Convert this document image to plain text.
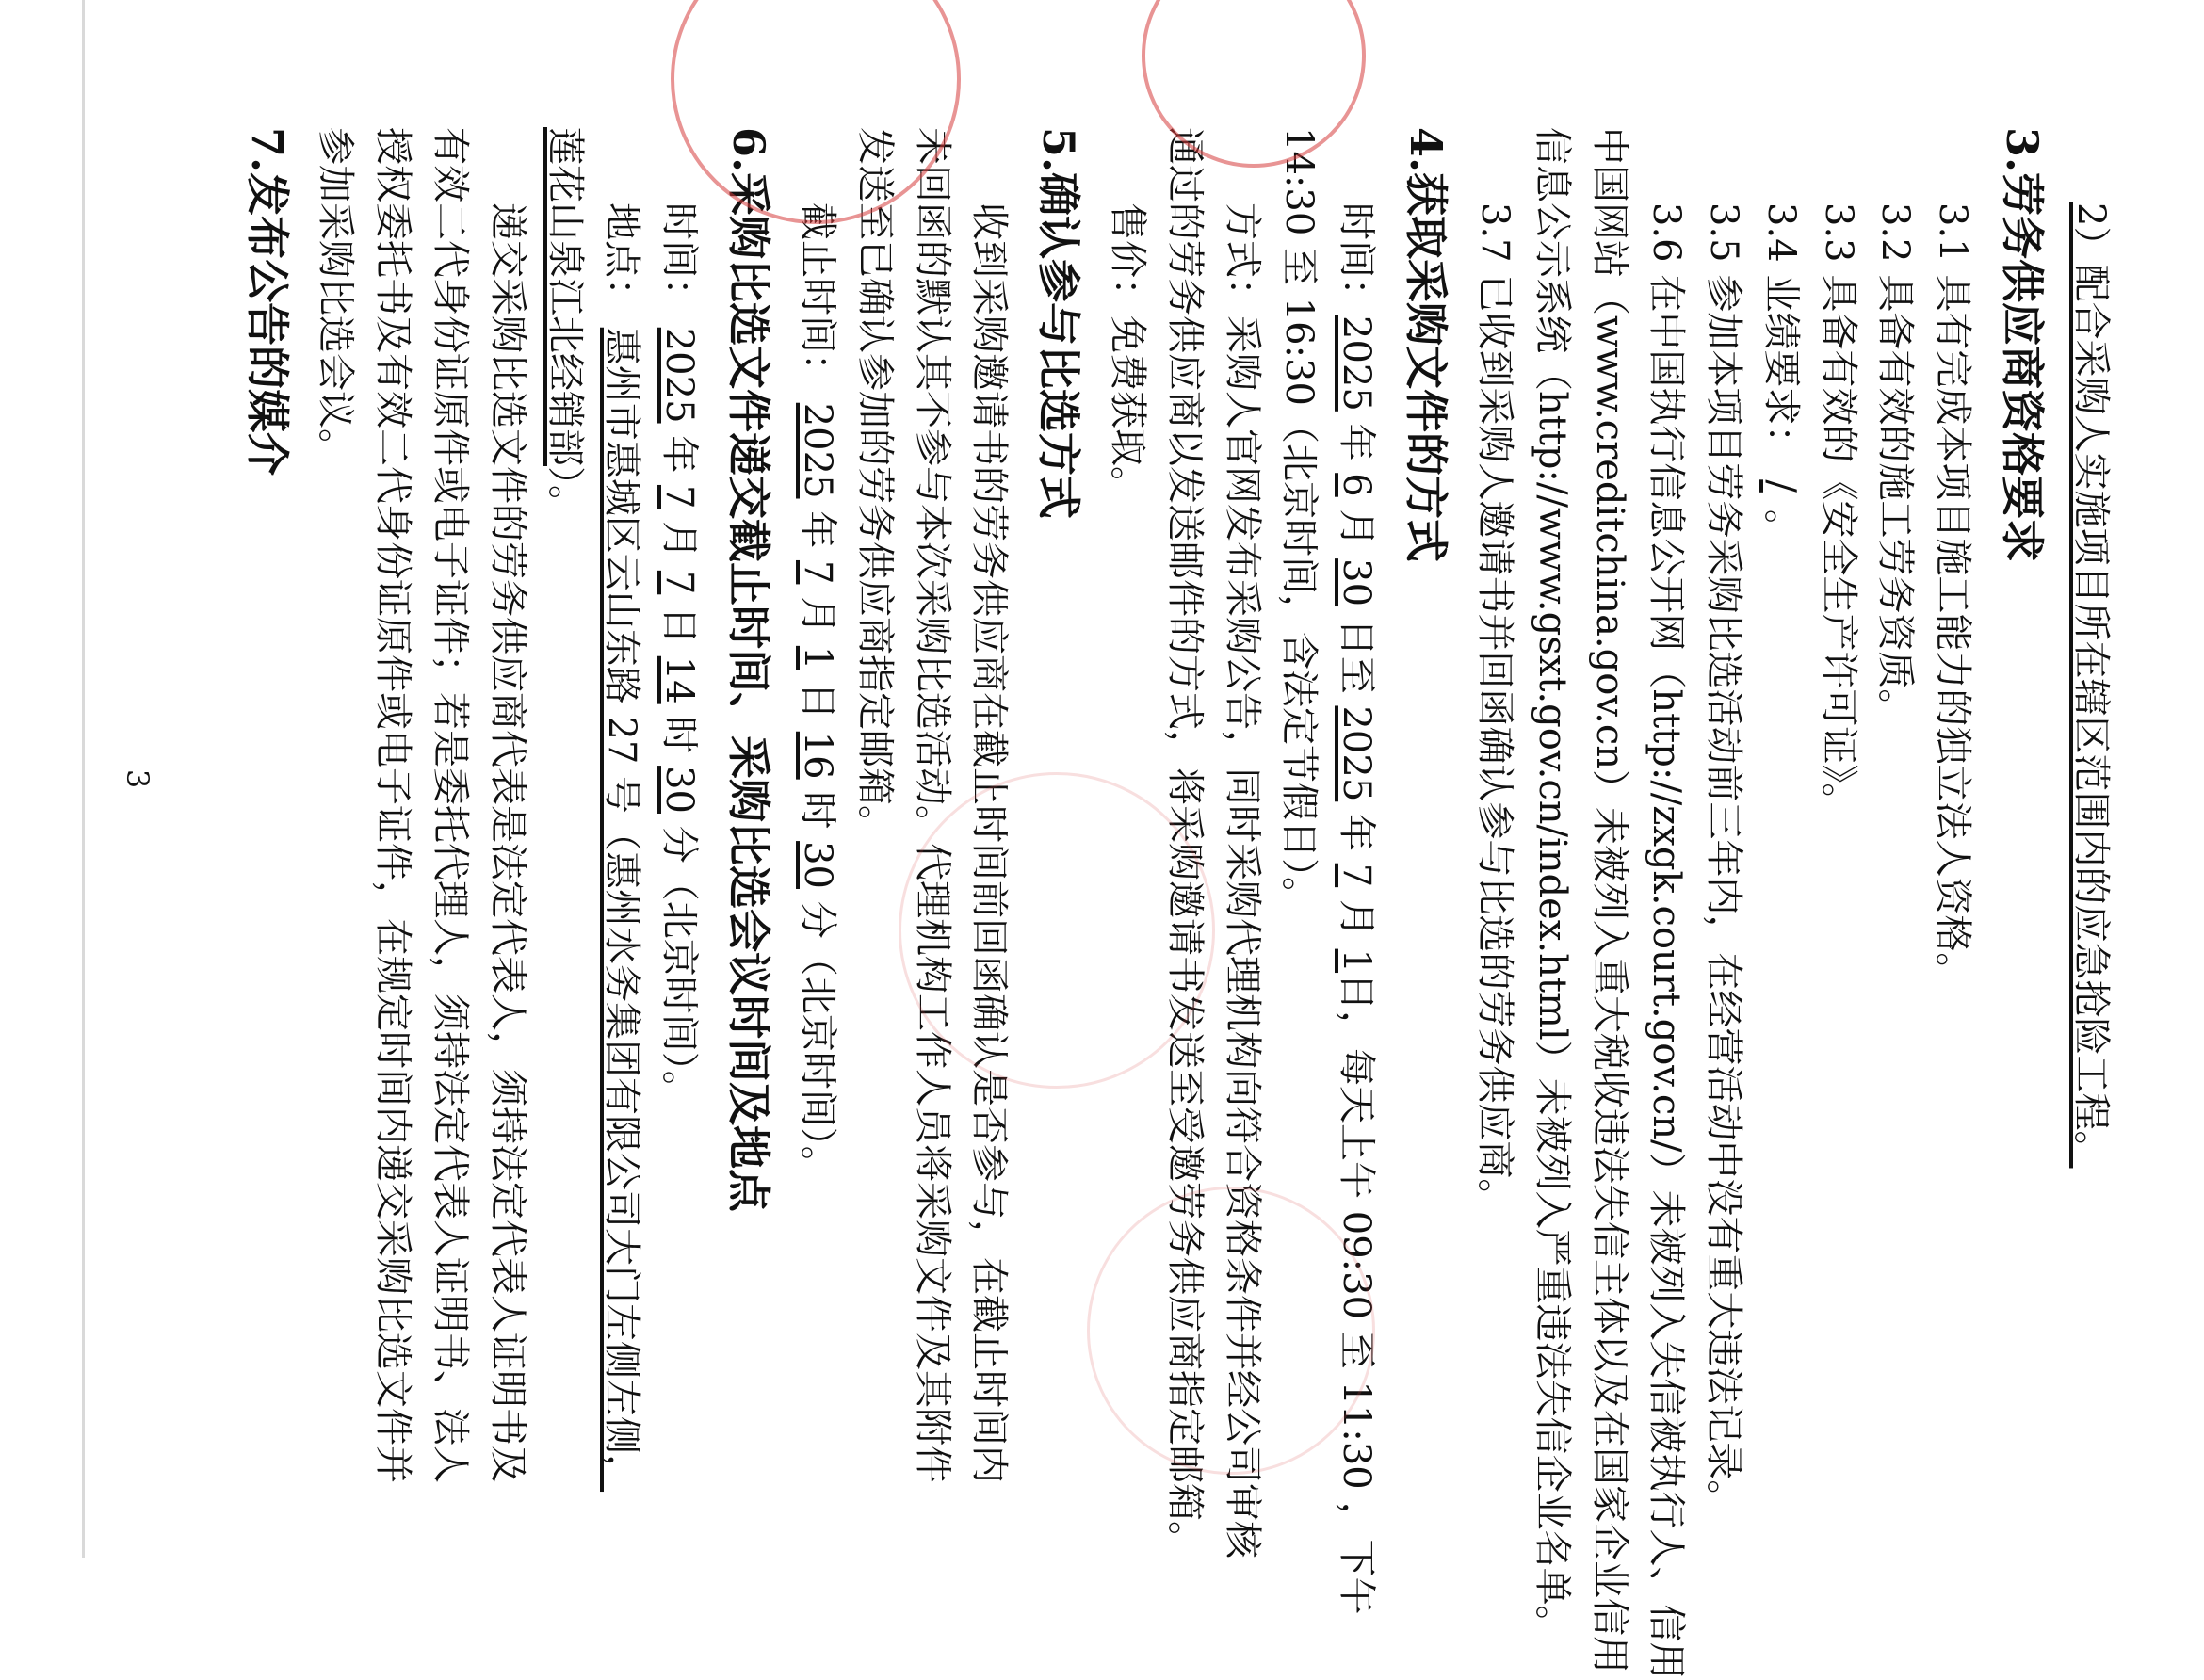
2）配合采购人实施项目所在辖区范围内的应急抢险工程。

3.劳务供应商资格要求

3.1 具有完成本项目施工能力的独立法人资格。

3.2 具备有效的施工劳务资质。

3.3 具备有效的《安全生产许可证》。

3.4 业绩要求：/。

3.5 参加本项目劳务采购比选活动前三年内，在经营活动中没有重大违法记录。

3.6 在中国执行信息公开网（http://zxgk.court.gov.cn/）未被列入失信被执行人、信用

中国网站（www.creditchina.gov.cn）未被列入重大税收违法失信主体以及在国家企业信用

信息公示系统（http://www.gsxt.gov.cn/index.html）未被列入严重违法失信企业名单。

3.7 已收到采购人邀请书并回函确认参与比选的劳务供应商。

4.获取采购文件的方式

时间：2025 年 6 月 30 日至 2025 年 7 月 1日，每天上午 09:30 至 11:30 ，下午

14:30 至 16:30（北京时间，含法定节假日）。

方式：采购人官网发布采购公告，同时采购代理机构向符合资格条件并经公司审核

通过的劳务供应商以发送邮件的方式，将采购邀请书发送至受邀劳务供应商指定邮箱。

售价：免费获取。

5.确认参与比选方式

收到采购邀请书的劳务供应商在截止时间前回函确认是否参与，在截止时间内

未回函的默认其不参与本次采购比选活动。代理机构工作人员将采购文件及其附件

发送至已确认参加的劳务供应商指定邮箱。

截止时间： 2025 年 7 月 1 日 16 时 30 分（北京时间）。

6.采购比选文件递交截止时间、采购比选会议时间及地点

时间： 2025 年 7 月 7 日 14 时 30 分（北京时间）。

地点： 惠州市惠城区云山东路 27 号（惠州水务集团有限公司大门左侧左侧，

莲花山泉江北经销部）。

递交采购比选文件的劳务供应商代表是法定代表人，须持法定代表人证明书及

有效二代身份证原件或电子证件；若是委托代理人，须持法定代表人证明书、法人

授权委托书及有效二代身份证原件或电子证件，在规定时间内递交采购比选文件并

参加采购比选会议。

7.发布公告的媒介

3
